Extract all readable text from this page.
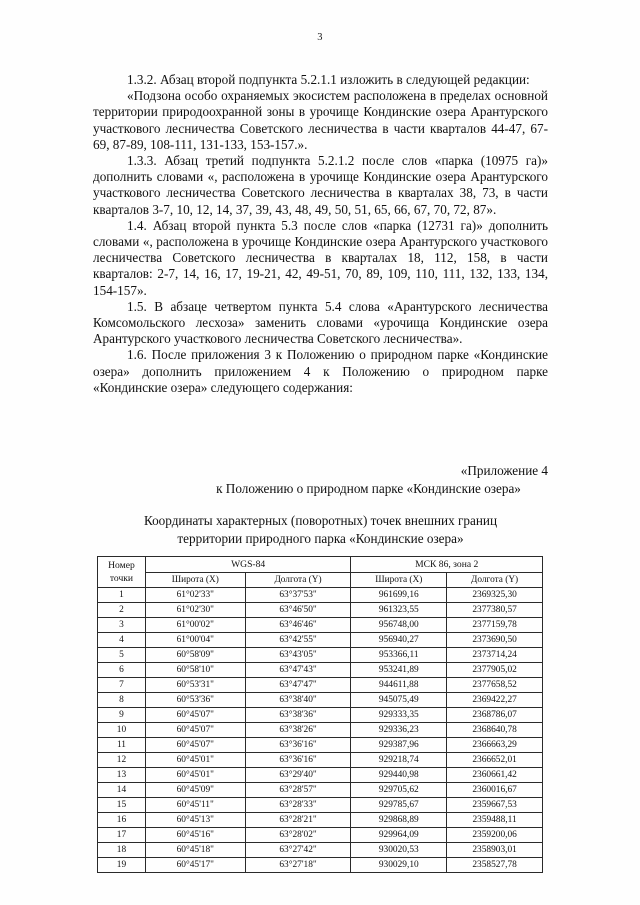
3

1.3.2. Абзац второй подпункта 5.2.1.1 изложить в следующей редакции:

«Подзона особо охраняемых экосистем расположена в пределах основной территории природоохранной зоны в урочище Кондинские озера Арантурского участкового лесничества Советского лесничества в части кварталов 44-47, 67-69, 87-89, 108-111, 131-133, 153-157.».

1.3.3. Абзац третий подпункта 5.2.1.2 после слов «парка (10975 га)» дополнить словами «, расположена в урочище Кондинские озера Арантурского участкового лесничества Советского лесничества в кварталах 38, 73, в части кварталов 3-7, 10, 12, 14, 37, 39, 43, 48, 49, 50, 51, 65, 66, 67, 70, 72, 87».

1.4. Абзац второй пункта 5.3 после слов «парка (12731 га)» дополнить словами «, расположена в урочище Кондинские озера Арантурского участкового лесничества Советского лесничества в кварталах 18, 112, 158, в части кварталов: 2-7, 14, 16, 17, 19-21, 42, 49-51, 70, 89, 109, 110, 111, 132, 133, 134, 154-157».

1.5. В абзаце четвертом пункта 5.4 слова «Арантурского лесничества Комсомольского лесхоза» заменить словами «урочища Кондинские озера Арантурского участкового лесничества Советского лесничества».

1.6. После приложения 3 к Положению о природном парке «Кондинские озера» дополнить приложением 4 к Положению о природном парке «Кондинские озера» следующего содержания:

«Приложение 4
к Положению о природном парке «Кондинские озера»
Координаты характерных (поворотных) точек внешних границ
территории природного парка «Кондинские озера»
Номер
точки	WGS-84		МСК 86, зона 2	
	Широта (X)	Долгота (Y)	Широта (X)	Долгота (Y)
1	61°02'33"	63°37'53"	961699,16	2369325,30
2	61°02'30"	63°46'50"	961323,55	2377380,57
3	61°00'02"	63°46'46"	956748,00	2377159,78
4	61°00'04"	63°42'55"	956940,27	2373690,50
5	60°58'09"	63°43'05"	953366,11	2373714,24
6	60°58'10"	63°47'43"	953241,89	2377905,02
7	60°53'31"	63°47'47"	944611,88	2377658,52
8	60°53'36"	63°38'40"	945075,49	2369422,27
9	60°45'07"	63°38'36"	929333,35	2368786,07
10	60°45'07"	63°38'26"	929336,23	2368640,78
11	60°45'07"	63°36'16"	929387,96	2366663,29
12	60°45'01"	63°36'16"	929218,74	2366652,01
13	60°45'01"	63°29'40"	929440,98	2360661,42
14	60°45'09"	63°28'57"	929705,62	2360016,67
15	60°45'11"	63°28'33"	929785,67	2359667,53
16	60°45'13"	63°28'21"	929868,89	2359488,11
17	60°45'16"	63°28'02"	929964,09	2359200,06
18	60°45'18"	63°27'42"	930020,53	2358903,01
19	60°45'17"	63°27'18"	930029,10	2358527,78
